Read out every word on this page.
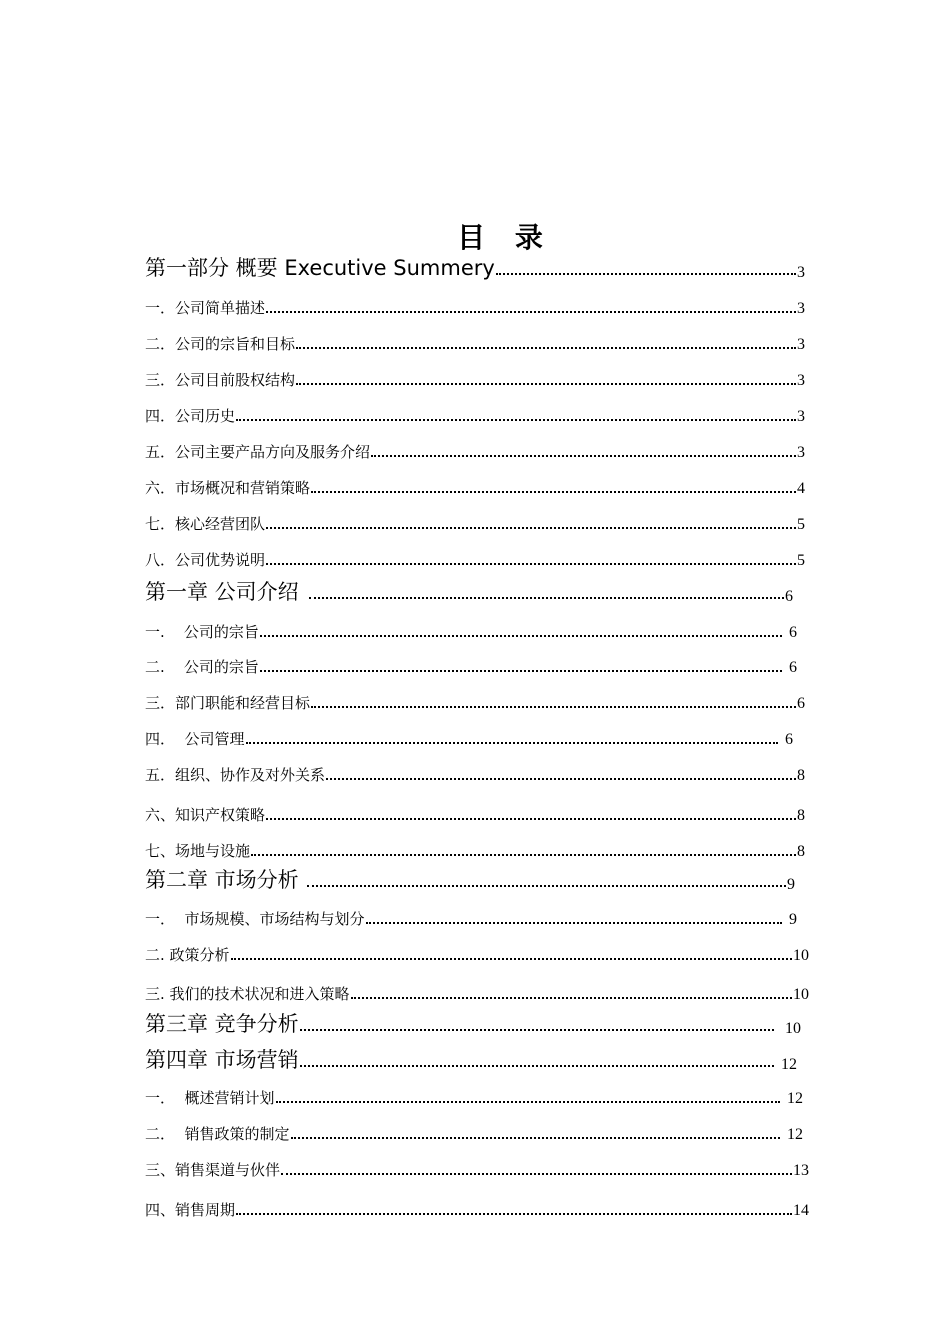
目 录
第一部分 概要 Executive Summery	3
一．公司简单描述	3
二．公司的宗旨和目标	3
三．公司目前股权结构	3
四．公司历史	3
五．公司主要产品方向及服务介绍	3
六．市场概况和营销策略	4
七．核心经营团队	5
八．公司优势说明	5
第一章 公司介绍	6
一.    公司的宗旨	6
二.    公司的宗旨	6
三．部门职能和经营目标	6
四．  公司管理	6
五．组织、协作及对外关系	8
六、知识产权策略	8
七、场地与设施	8
第二章 市场分析	9
一．  市场规模、市场结构与划分	9
二. 政策分析	10
三. 我们的技术状况和进入策略	10
第三章 竞争分析	10
第四章 市场营销	12
一．  概述营销计划	12
二．  销售政策的制定	12
三、销售渠道与伙伴	13
四、销售周期	14
